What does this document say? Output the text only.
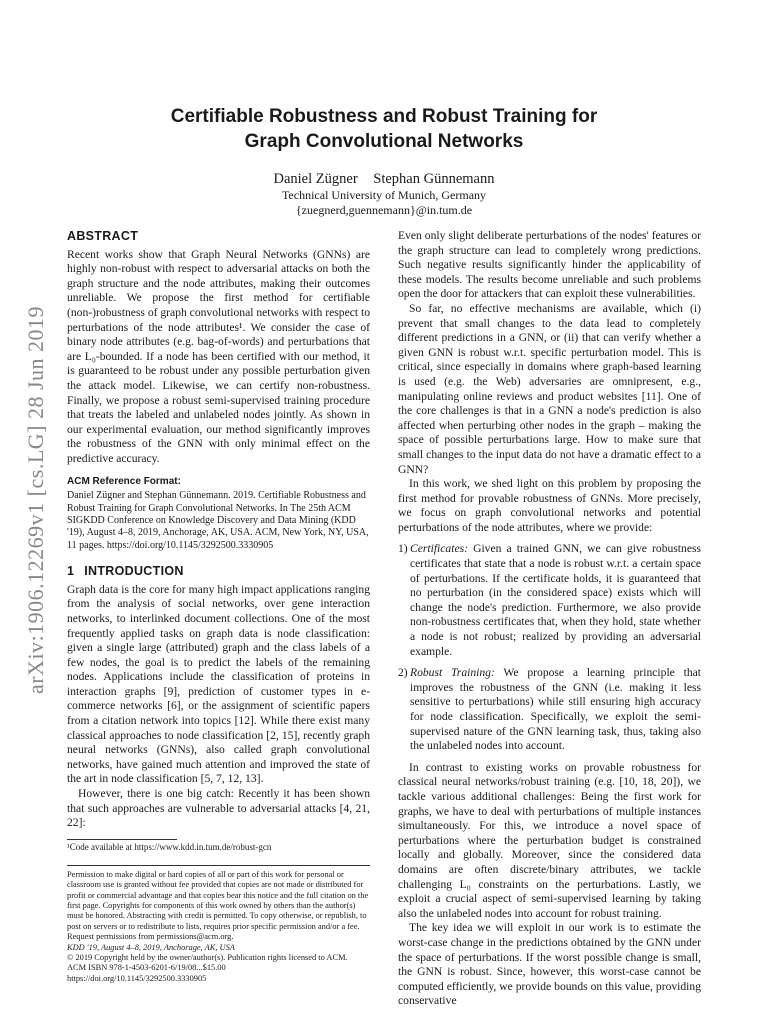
arXiv:1906.12269v1 [cs.LG] 28 Jun 2019
Certifiable Robustness and Robust Training for
Graph Convolutional Networks
Daniel Zügner Stephan Günnemann
Technical University of Munich, Germany
{zuegnerd,guennemann}@in.tum.de
ABSTRACT

Recent works show that Graph Neural Networks (GNNs) are highly non-robust with respect to adversarial attacks on both the graph structure and the node attributes, making their outcomes unreliable. We propose the first method for certifiable (non-)robustness of graph convolutional networks with respect to perturbations of the node attributes¹. We consider the case of binary node attributes (e.g. bag-of-words) and perturbations that are L₀-bounded. If a node has been certified with our method, it is guaranteed to be robust under any possible perturbation given the attack model. Likewise, we can certify non-robustness. Finally, we propose a robust semi-supervised training procedure that treats the labeled and unlabeled nodes jointly. As shown in our experimental evaluation, our method significantly improves the robustness of the GNN with only minimal effect on the predictive accuracy.

ACM Reference Format:

Daniel Zügner and Stephan Günnemann. 2019. Certifiable Robustness and Robust Training for Graph Convolutional Networks. In The 25th ACM SIGKDD Conference on Knowledge Discovery and Data Mining (KDD '19), August 4–8, 2019, Anchorage, AK, USA. ACM, New York, NY, USA, 11 pages. https://doi.org/10.1145/3292500.3330905

1 INTRODUCTION

Graph data is the core for many high impact applications ranging from the analysis of social networks, over gene interaction networks, to interlinked document collections. One of the most frequently applied tasks on graph data is node classification: given a single large (attributed) graph and the class labels of a few nodes, the goal is to predict the labels of the remaining nodes. Applications include the classification of proteins in interaction graphs [9], prediction of customer types in e-commerce networks [6], or the assignment of scientific papers from a citation network into topics [12]. While there exist many classical approaches to node classification [2, 15], recently graph neural networks (GNNs), also called graph convolutional networks, have gained much attention and improved the state of the art in node classification [5, 7, 12, 13].

However, there is one big catch: Recently it has been shown that such approaches are vulnerable to adversarial attacks [4, 21, 22]:

¹Code available at https://www.kdd.in.tum.de/robust-gcn

Permission to make digital or hard copies of all or part of this work for personal or classroom use is granted without fee provided that copies are not made or distributed for profit or commercial advantage and that copies bear this notice and the full citation on the first page. Copyrights for components of this work owned by others than the author(s) must be honored. Abstracting with credit is permitted. To copy otherwise, or republish, to post on servers or to redistribute to lists, requires prior specific permission and/or a fee. Request permissions from permissions@acm.org.

KDD '19, August 4–8, 2019, Anchorage, AK, USA

© 2019 Copyright held by the owner/author(s). Publication rights licensed to ACM.

ACM ISBN 978-1-4503-6201-6/19/08...$15.00

https://doi.org/10.1145/3292500.3330905

Even only slight deliberate perturbations of the nodes' features or the graph structure can lead to completely wrong predictions. Such negative results significantly hinder the applicability of these models. The results become unreliable and such problems open the door for attackers that can exploit these vulnerabilities.

So far, no effective mechanisms are available, which (i) prevent that small changes to the data lead to completely different predictions in a GNN, or (ii) that can verify whether a given GNN is robust w.r.t. specific perturbation model. This is critical, since especially in domains where graph-based learning is used (e.g. the Web) adversaries are omnipresent, e.g., manipulating online reviews and product websites [11]. One of the core challenges is that in a GNN a node's prediction is also affected when perturbing other nodes in the graph – making the space of possible perturbations large. How to make sure that small changes to the input data do not have a dramatic effect to a GNN?

In this work, we shed light on this problem by proposing the first method for provable robustness of GNNs. More precisely, we focus on graph convolutional networks and potential perturbations of the node attributes, where we provide:

1) Certificates: Given a trained GNN, we can give robustness certificates that state that a node is robust w.r.t. a certain space of perturbations. If the certificate holds, it is guaranteed that no perturbation (in the considered space) exists which will change the node's prediction. Furthermore, we also provide non-robustness certificates that, when they hold, state whether a node is not robust; realized by providing an adversarial example.
2) Robust Training: We propose a learning principle that improves the robustness of the GNN (i.e. making it less sensitive to perturbations) while still ensuring high accuracy for node classification. Specifically, we exploit the semi-supervised nature of the GNN learning task, thus, taking also the unlabeled nodes into account.

In contrast to existing works on provable robustness for classical neural networks/robust training (e.g. [10, 18, 20]), we tackle various additional challenges: Being the first work for graphs, we have to deal with perturbations of multiple instances simultaneously. For this, we introduce a novel space of perturbations where the perturbation budget is constrained locally and globally. Moreover, since the considered data domains are often discrete/binary attributes, we tackle challenging L₀ constraints on the perturbations. Lastly, we exploit a crucial aspect of semi-supervised learning by taking also the unlabeled nodes into account for robust training.

The key idea we will exploit in our work is to estimate the worst-case change in the predictions obtained by the GNN under the space of perturbations. If the worst possible change is small, the GNN is robust. Since, however, this worst-case cannot be computed efficiently, we provide bounds on this value, providing conservative
